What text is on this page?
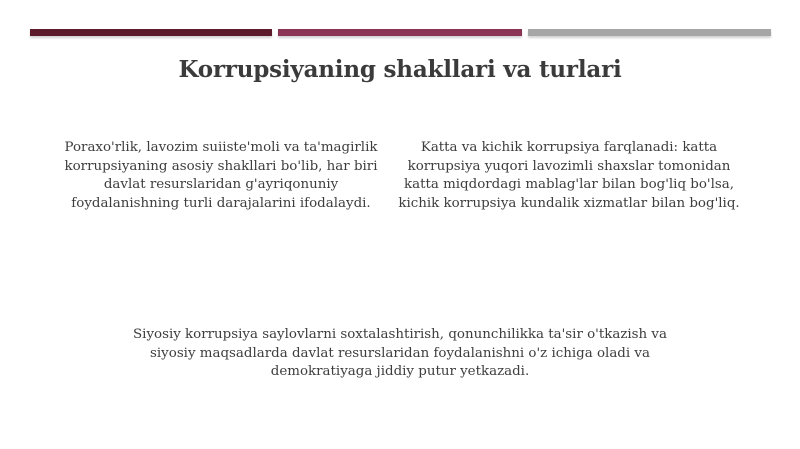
Korrupsiyaning shakllari va turlari

Poraxo'rlik, lavozim suiiste'moli va ta'magirlik korrupsiyaning asosiy shakllari bo'lib, har biri davlat resurslaridan g'ayriqonuniy foydalanishning turli darajalarini ifodalaydi.

Katta va kichik korrupsiya farqlanadi: katta korrupsiya yuqori lavozimli shaxslar tomonidan katta miqdordagi mablag'lar bilan bog'liq bo'lsa, kichik korrupsiya kundalik xizmatlar bilan bog'liq.

Siyosiy korrupsiya saylovlarni soxtalashtirish, qonunchilikka ta'sir o'tkazish va siyosiy maqsadlarda davlat resurslaridan foydalanishni o'z ichiga oladi va demokratiyaga jiddiy putur yetkazadi.
